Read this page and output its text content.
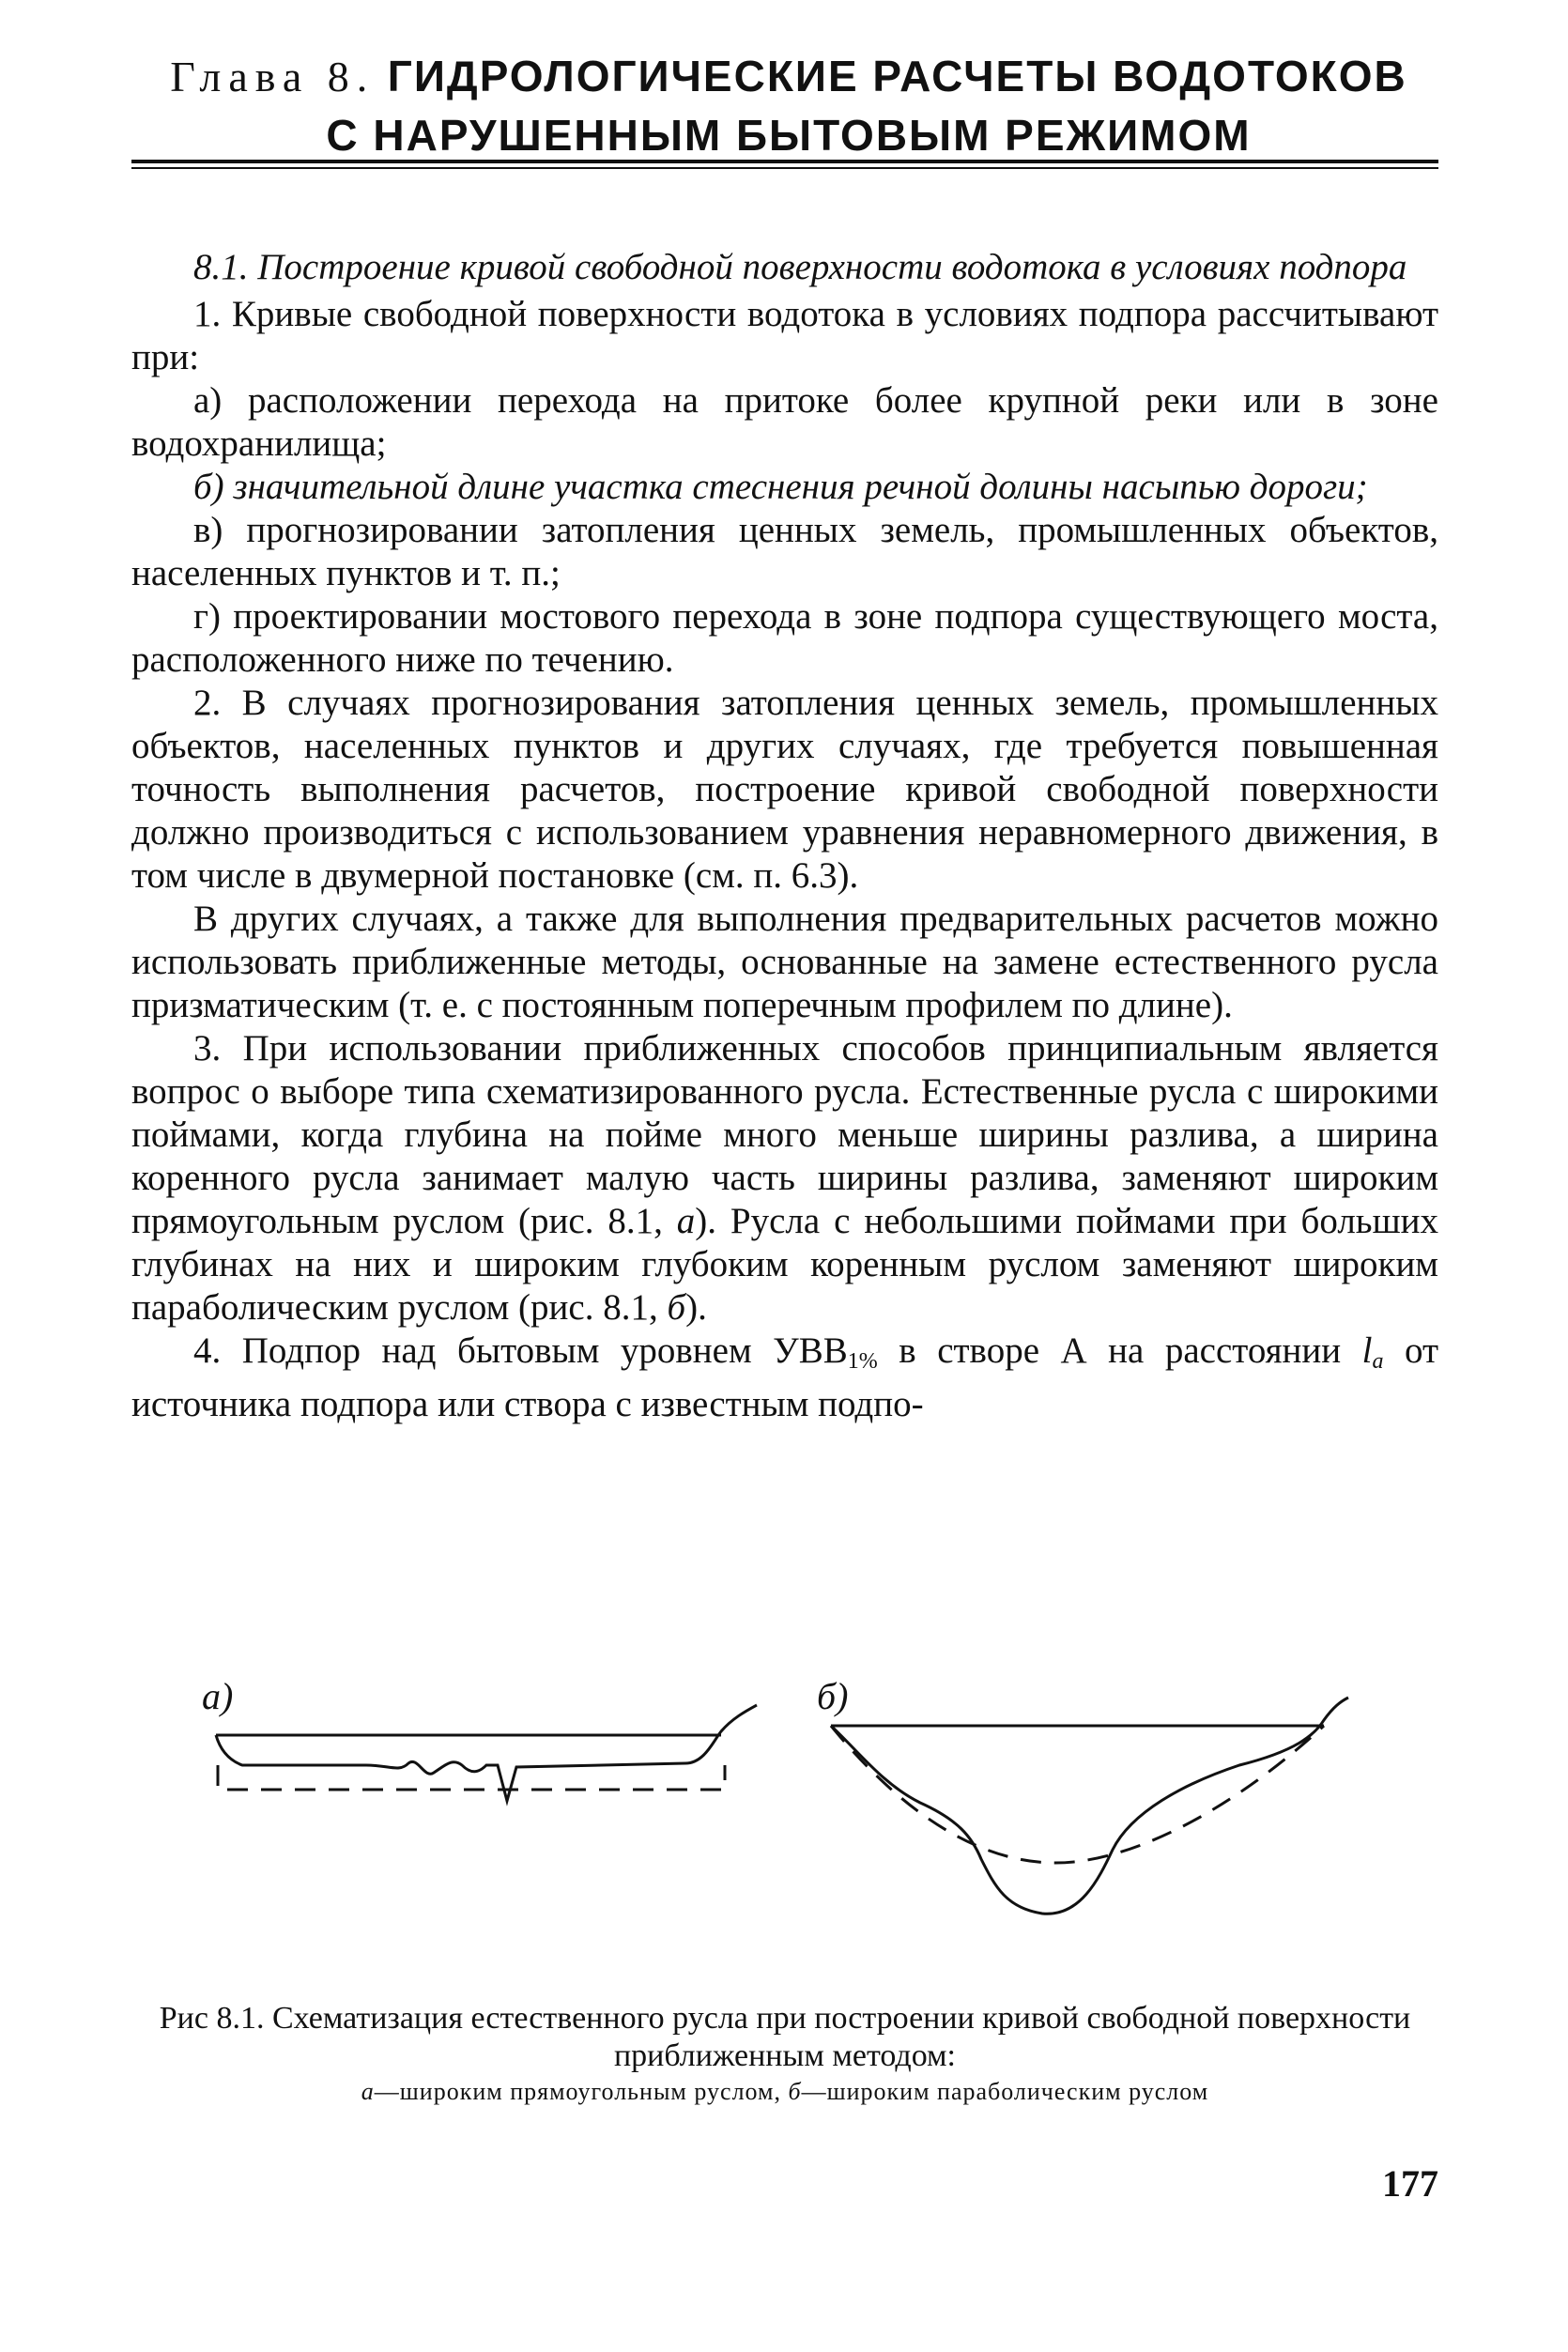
Глава 8. ГИДРОЛОГИЧЕСКИЕ РАСЧЕТЫ ВОДОТОКОВ
С НАРУШЕННЫМ БЫТОВЫМ РЕЖИМОМ

8.1. Построение кривой свободной поверхности водотока в условиях подпора

1. Кривые свободной поверхности водотока в условиях подпора рассчитывают при:

а) расположении перехода на притоке более крупной реки или в зоне водохранилища;

б) значительной длине участка стеснения речной долины насыпью дороги;

в) прогнозировании затопления ценных земель, промышленных объектов, населенных пунктов и т. п.;

г) проектировании мостового перехода в зоне подпора существующего моста, расположенного ниже по течению.

2. В случаях прогнозирования затопления ценных земель, промышленных объектов, населенных пунктов и других случаях, где требуется повышенная точность выполнения расчетов, построение кривой свободной поверхности должно производиться с использованием уравнения неравномерного движения, в том числе в двумерной постановке (см. п. 6.3).

В других случаях, а также для выполнения предварительных расчетов можно использовать приближенные методы, основанные на замене естественного русла призматическим (т. е. с постоянным поперечным профилем по длине).

3. При использовании приближенных способов принципиальным является вопрос о выборе типа схематизированного русла. Естественные русла с широкими поймами, когда глубина на пойме много меньше ширины разлива, а ширина коренного русла занимает малую часть ширины разлива, заменяют широким прямоугольным руслом (рис. 8.1, а). Русла с небольшими поймами при больших глубинах на них и широким глубоким коренным руслом заменяют широким параболическим руслом (рис. 8.1, б).

4. Подпор над бытовым уровнем $УВВ_{1\%}$ в створе А на расстоянии $l_a$ от источника подпора или створа с известным подпо-

а)	б)
Рис 8.1. Схематизация естественного русла при построении кривой свободной поверхности приближенным методом:
а—широким прямоугольным руслом, б—широким параболическим руслом
177
